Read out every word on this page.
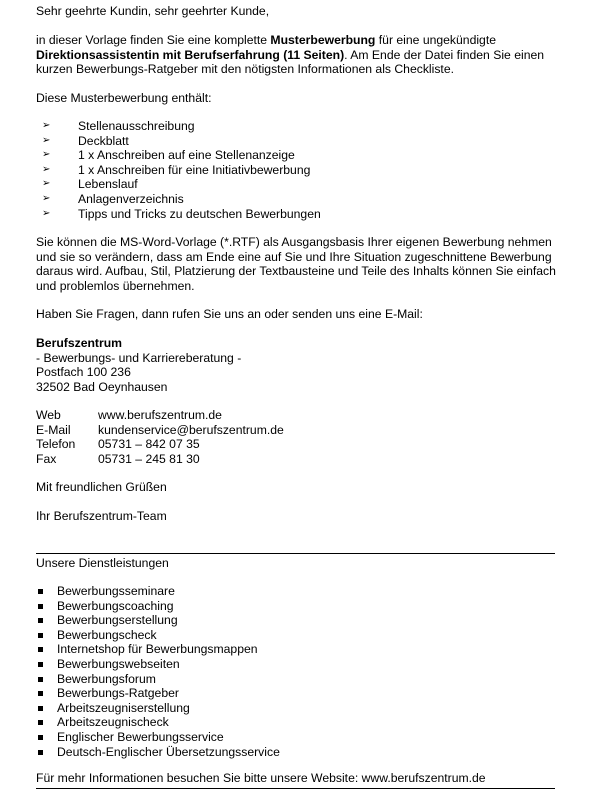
Sehr geehrte Kundin, sehr geehrter Kunde,

in dieser Vorlage finden Sie eine komplette Musterbewerbung für eine ungekündigte Direktionsassistentin mit Berufserfahrung (11 Seiten). Am Ende der Datei finden Sie einen kurzen Bewerbungs-Ratgeber mit den nötigsten Informationen als Checkliste.

Diese Musterbewerbung enthält:

➢ Stellenausschreibung
➢ Deckblatt
➢ 1 x Anschreiben auf eine Stellenanzeige
➢ 1 x Anschreiben für eine Initiativbewerbung
➢ Lebenslauf
➢ Anlagenverzeichnis
➢ Tipps und Tricks zu deutschen Bewerbungen

Sie können die MS-Word-Vorlage (*.RTF) als Ausgangsbasis Ihrer eigenen Bewerbung nehmen und sie so verändern, dass am Ende eine auf Sie und Ihre Situation zugeschnittene Bewerbung daraus wird. Aufbau, Stil, Platzierung der Textbausteine und Teile des Inhalts können Sie einfach und problemlos übernehmen.

Haben Sie Fragen, dann rufen Sie uns an oder senden uns eine E-Mail:

Berufszentrum

- Bewerbungs- und Karriereberatung -

Postfach 100 236

32502 Bad Oeynhausen

Web	www.berufszentrum.de
E-Mail	kundenservice@berufszentrum.de
Telefon	05731 – 842 07 35
Fax	05731 – 245 81 30

Mit freundlichen Grüßen

Ihr Berufszentrum-Team

Unsere Dienstleistungen

Bewerbungsseminare
Bewerbungscoaching
Bewerbungserstellung
Bewerbungscheck
Internetshop für Bewerbungsmappen
Bewerbungswebseiten
Bewerbungsforum
Bewerbungs-Ratgeber
Arbeitszeugniserstellung
Arbeitszeugnischeck
Englischer Bewerbungsservice
Deutsch-Englischer Übersetzungsservice

Für mehr Informationen besuchen Sie bitte unsere Website: www.berufszentrum.de
